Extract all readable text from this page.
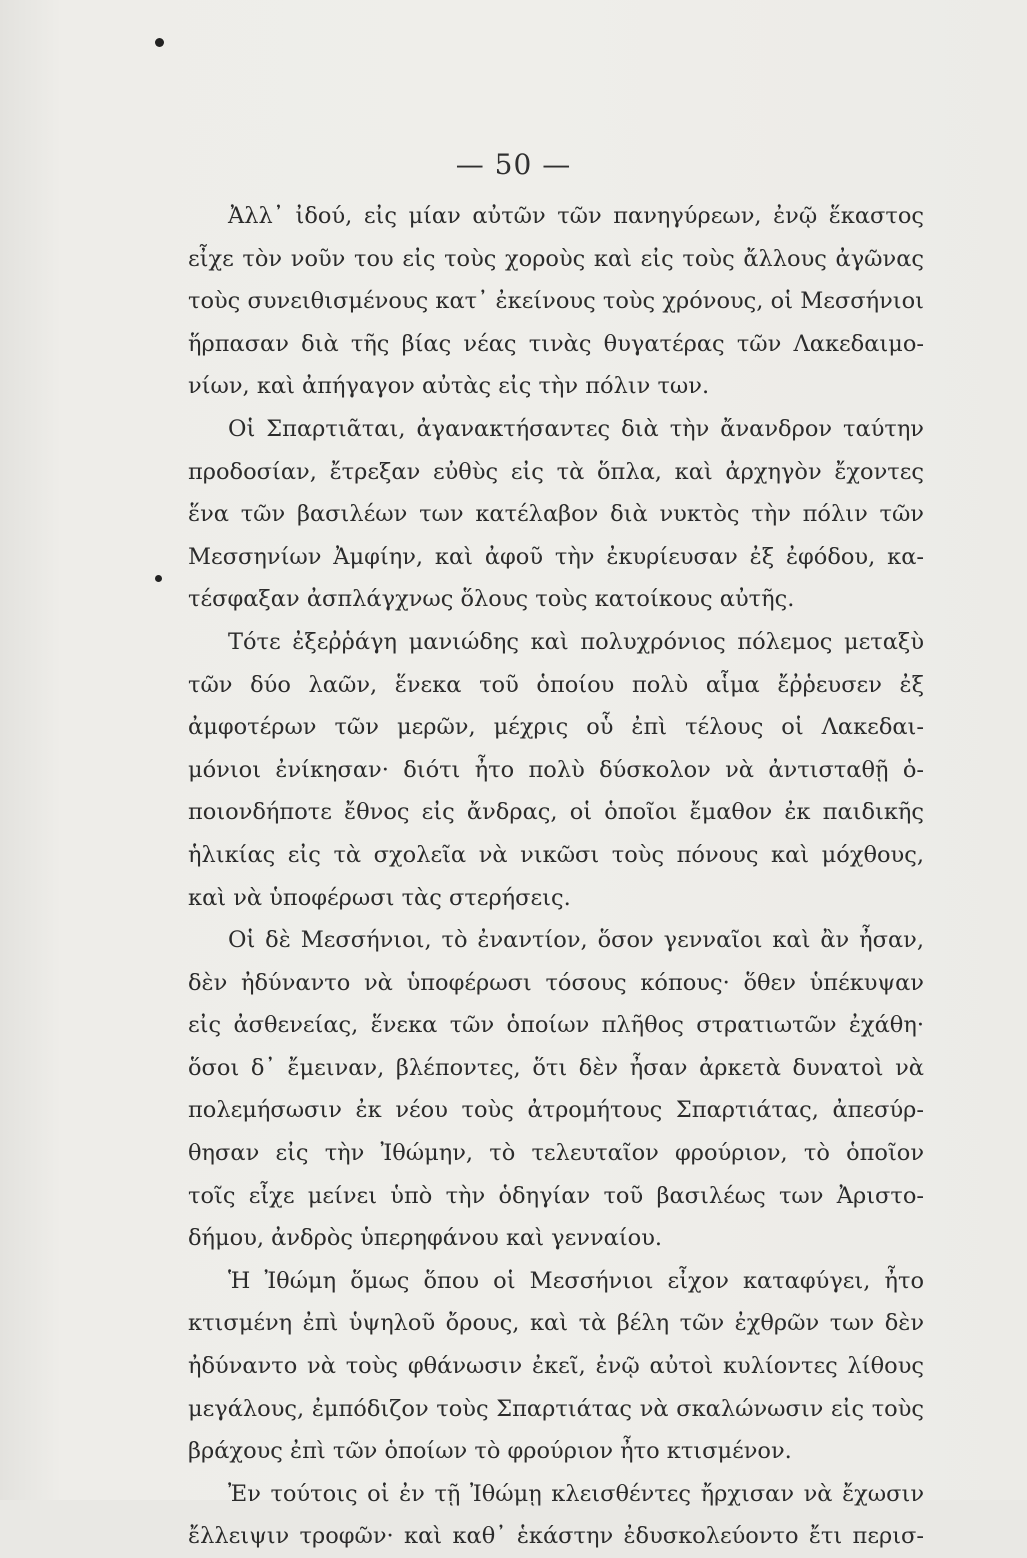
— 50 —
Ἀλλ᾿ ἰδού, εἰς μίαν αὐτῶν τῶν πανηγύρεων, ἐνῷ ἕκαστος
εἶχε τὸν νοῦν του εἰς τοὺς χοροὺς καὶ εἰς τοὺς ἄλλους ἀγῶνας
τοὺς συνειθισμένους κατ᾿ ἐκείνους τοὺς χρόνους, οἱ Μεσσήνιοι
ἥρπασαν διὰ τῆς βίας νέας τινὰς θυγατέρας τῶν Λακεδαιμο-
νίων, καὶ ἀπήγαγον αὐτὰς εἰς τὴν πόλιν των.
Οἱ Σπαρτιᾶται, ἀγανακτήσαντες διὰ τὴν ἄνανδρον ταύτην
προδοσίαν, ἔτρεξαν εὐθὺς εἰς τὰ ὅπλα, καὶ ἀρχηγὸν ἔχοντες
ἕνα τῶν βασιλέων των κατέλαβον διὰ νυκτὸς τὴν πόλιν τῶν
Μεσσηνίων Ἀμφίην, καὶ ἀφοῦ τὴν ἐκυρίευσαν ἐξ ἐφόδου, κα-
τέσφαξαν ἀσπλάγχνως ὅλους τοὺς κατοίκους αὐτῆς.
Τότε ἐξεῤῥάγη μανιώδης καὶ πολυχρόνιος πόλεμος μεταξὺ
τῶν δύο λαῶν, ἕνεκα τοῦ ὁποίου πολὺ αἷμα ἔῤῥευσεν ἐξ
ἀμφοτέρων τῶν μερῶν, μέχρις οὗ ἐπὶ τέλους οἱ Λακεδαι-
μόνιοι ἐνίκησαν· διότι ἦτο πολὺ δύσκολον νὰ ἀντισταθῇ ὁ-
ποιονδήποτε ἔθνος εἰς ἄνδρας, οἱ ὁποῖοι ἔμαθον ἐκ παιδικῆς
ἡλικίας εἰς τὰ σχολεῖα νὰ νικῶσι τοὺς πόνους καὶ μόχθους,
καὶ νὰ ὑποφέρωσι τὰς στερήσεις.
Οἱ δὲ Μεσσήνιοι, τὸ ἐναντίον, ὅσον γενναῖοι καὶ ἂν ἦσαν,
δὲν ἠδύναντο νὰ ὑποφέρωσι τόσους κόπους· ὅθεν ὑπέκυψαν
εἰς ἀσθενείας, ἕνεκα τῶν ὁποίων πλῆθος στρατιωτῶν ἐχάθη·
ὅσοι δ᾿ ἔμειναν, βλέποντες, ὅτι δὲν ἦσαν ἀρκετὰ δυνατοὶ νὰ
πολεμήσωσιν ἐκ νέου τοὺς ἀτρομήτους Σπαρτιάτας, ἀπεσύρ-
θησαν εἰς τὴν Ἰθώμην, τὸ τελευταῖον φρούριον, τὸ ὁποῖον
τοῖς εἶχε μείνει ὑπὸ τὴν ὁδηγίαν τοῦ βασιλέως των Ἀριστο-
δήμου, ἀνδρὸς ὑπερηφάνου καὶ γενναίου.
Ἡ Ἰθώμη ὅμως ὅπου οἱ Μεσσήνιοι εἶχον καταφύγει, ἦτο
κτισμένη ἐπὶ ὑψηλοῦ ὄρους, καὶ τὰ βέλη τῶν ἐχθρῶν των δὲν
ἠδύναντο νὰ τοὺς φθάνωσιν ἐκεῖ, ἐνῷ αὐτοὶ κυλίοντες λίθους
μεγάλους, ἐμπόδιζον τοὺς Σπαρτιάτας νὰ σκαλώνωσιν εἰς τοὺς
βράχους ἐπὶ τῶν ὁποίων τὸ φρούριον ἦτο κτισμένον.
Ἐν τούτοις οἱ ἐν τῇ Ἰθώμῃ κλεισθέντες ἤρχισαν νὰ ἔχωσιν
ἔλλειψιν τροφῶν· καὶ καθ᾿ ἑκάστην ἐδυσκολεύοντο ἔτι περισ-
